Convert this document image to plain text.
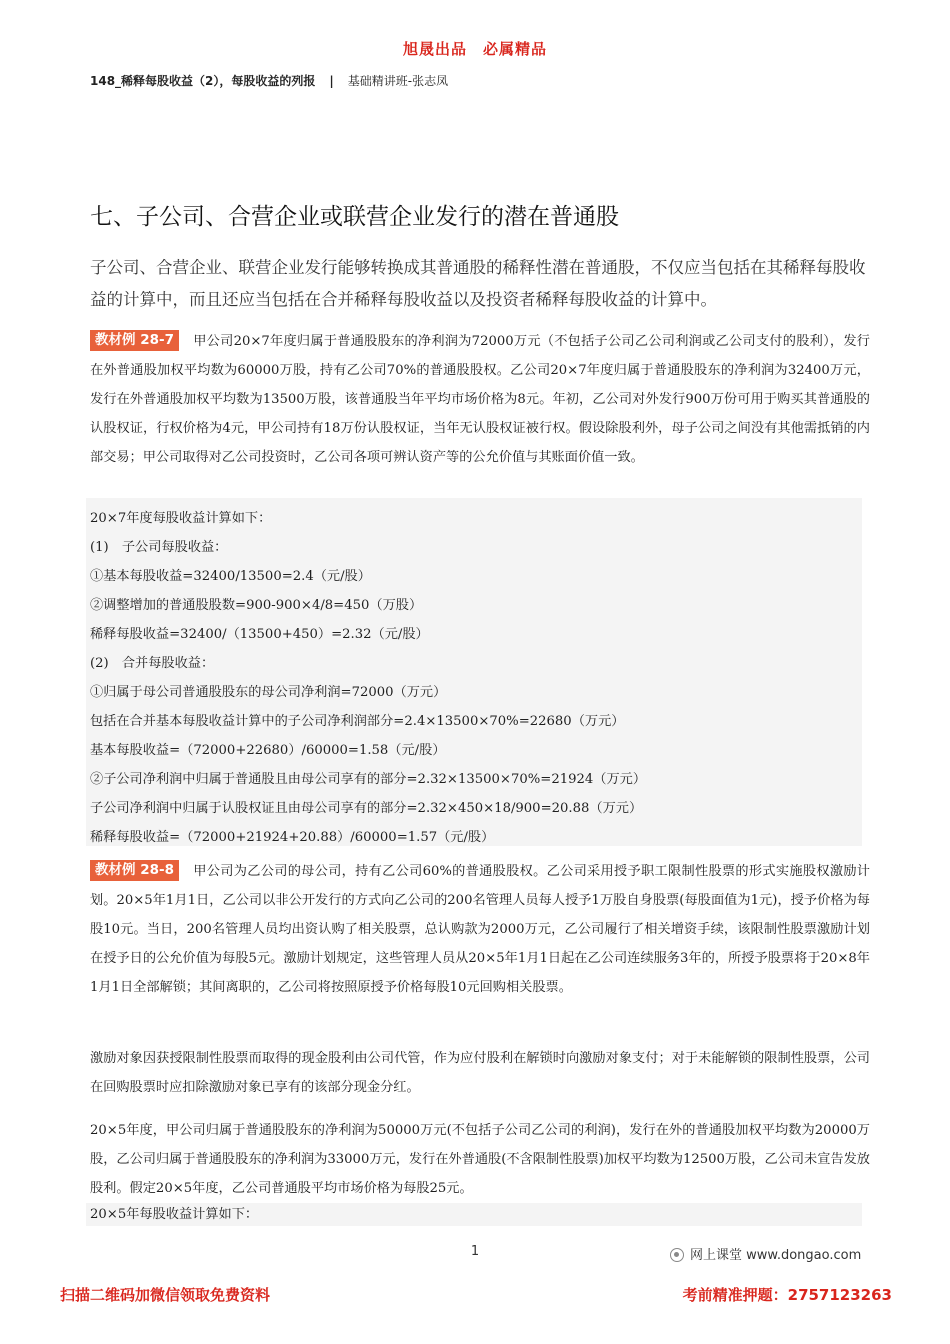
旭晟出品　必属精品
148_稀释每股收益（2），每股收益的列报 | 基础精讲班-张志凤
七、子公司、合营企业或联营企业发行的潜在普通股

子公司、合营企业、联营企业发行能够转换成其普通股的稀释性潜在普通股，不仅应当包括在其稀释每股收益的计算中，而且还应当包括在合并稀释每股收益以及投资者稀释每股收益的计算中。

教材例 28-7 甲公司20×7年度归属于普通股股东的净利润为72000万元（不包括子公司乙公司利润或乙公司支付的股利），发行在外普通股加权平均数为60000万股，持有乙公司70%的普通股股权。乙公司20×7年度归属于普通股股东的净利润为32400万元，发行在外普通股加权平均数为13500万股，该普通股当年平均市场价格为8元。年初，乙公司对外发行900万份可用于购买其普通股的认股权证，行权价格为4元，甲公司持有18万份认股权证，当年无认股权证被行权。假设除股利外，母子公司之间没有其他需抵销的内部交易；甲公司取得对乙公司投资时，乙公司各项可辨认资产等的公允价值与其账面价值一致。

20×7年度每股收益计算如下：
(1)　子公司每股收益：
①基本每股收益=32400/13500=2.4（元/股）
②调整增加的普通股股数=900-900×4/8=450（万股）
稀释每股收益=32400/（13500+450）=2.32（元/股）
(2)　合并每股收益：
①归属于母公司普通股股东的母公司净利润=72000（万元）
包括在合并基本每股收益计算中的子公司净利润部分=2.4×13500×70%=22680（万元）
基本每股收益=（72000+22680）/60000=1.58（元/股）
②子公司净利润中归属于普通股且由母公司享有的部分=2.32×13500×70%=21924（万元）
子公司净利润中归属于认股权证且由母公司享有的部分=2.32×450×18/900=20.88（万元）
稀释每股收益=（72000+21924+20.88）/60000=1.57（元/股）

教材例 28-8 甲公司为乙公司的母公司，持有乙公司60%的普通股股权。乙公司采用授予职工限制性股票的形式实施股权激励计划。20×5年1月1日，乙公司以非公开发行的方式向乙公司的200名管理人员每人授予1万股自身股票(每股面值为1元)，授予价格为每股10元。当日，200名管理人员均出资认购了相关股票，总认购款为2000万元，乙公司履行了相关增资手续，该限制性股票激励计划在授予日的公允价值为每股5元。激励计划规定，这些管理人员从20×5年1月1日起在乙公司连续服务3年的，所授予股票将于20×8年1月1日全部解锁；其间离职的，乙公司将按照原授予价格每股10元回购相关股票。

激励对象因获授限制性股票而取得的现金股利由公司代管，作为应付股利在解锁时向激励对象支付；对于未能解锁的限制性股票，公司在回购股票时应扣除激励对象已享有的该部分现金分红。

20×5年度，甲公司归属于普通股股东的净利润为50000万元(不包括子公司乙公司的利润)，发行在外的普通股加权平均数为20000万股，乙公司归属于普通股股东的净利润为33000万元，发行在外普通股(不含限制性股票)加权平均数为12500万股，乙公司未宣告发放股利。假定20×5年度，乙公司普通股平均市场价格为每股25元。

20×5年每股收益计算如下：
1	网上课堂 www.dongao.com
扫描二维码加微信领取免费资料	考前精准押题：2757123263
